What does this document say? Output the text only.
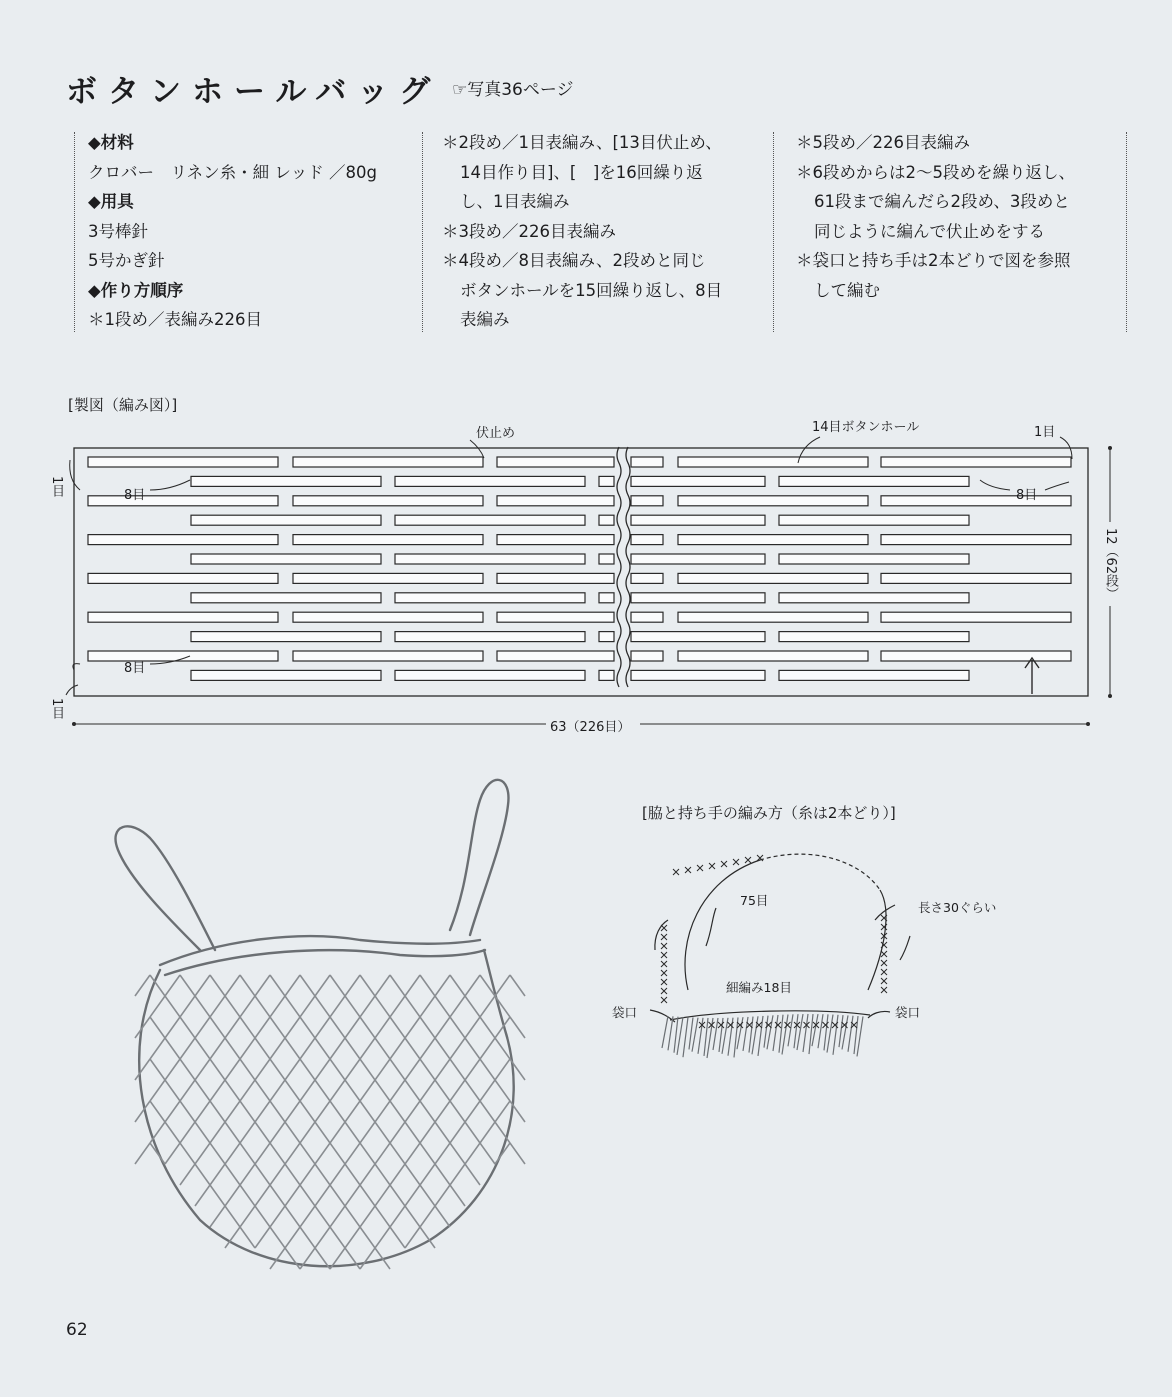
ボタンホールバッグ ☞写真36ページ

◆材料

クロバー　リネン糸・細 レッド ／80g

◆用具

3号棒針

5号かぎ針

◆作り方順序

＊1段め／表編み226目

＊2段め／1目表編み、[13目伏止め、

14目作り目]、[　]を16回繰り返

し、1目表編み

＊3段め／226目表編み

＊4段め／8目表編み、2段めと同じ

ボタンホールを15回繰り返し、8目

表編み

＊5段め／226目表編み

＊6段めからは2〜5段めを繰り返し、

61段まで編んだら2段め、3段めと

同じように編んで伏止めをする

＊袋口と持ち手は2本どりで図を参照

して編む

[製図（編み図）]
伏止め	14目ボタンホール	1目
1目	8目	8目
8目
1目
63（226目）
12（62段）
[脇と持ち手の編み方（糸は2本どり）]
75目	長さ30ぐらい
細編み18目
袋口	袋口
62
